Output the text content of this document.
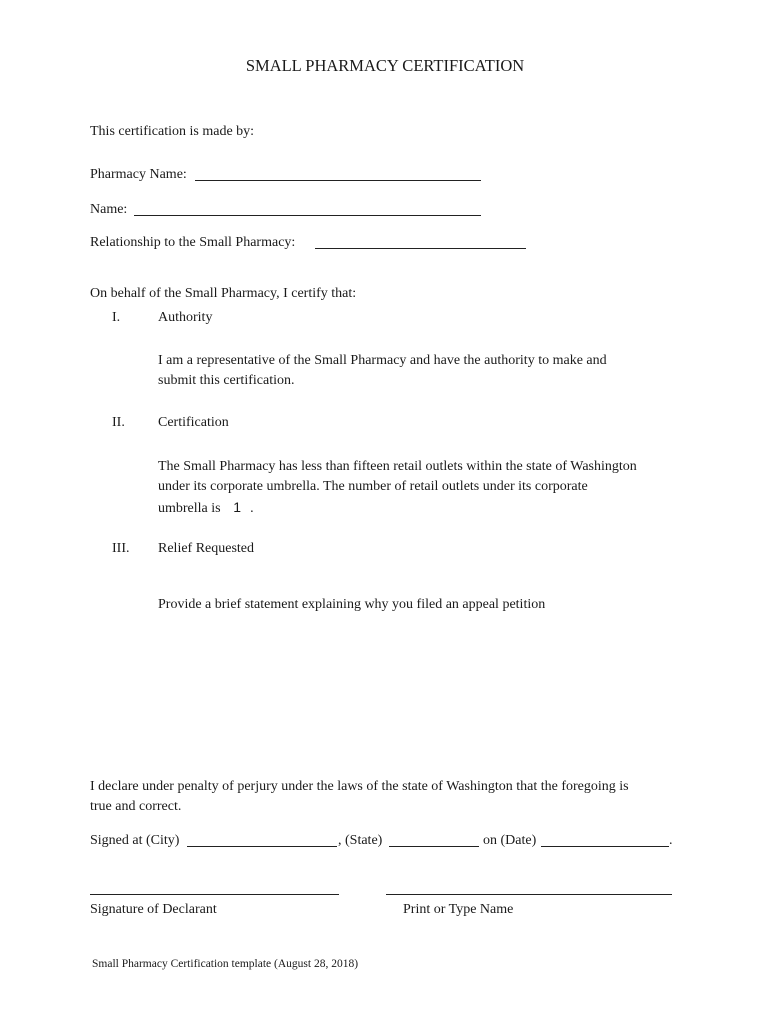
SMALL PHARMACY CERTIFICATION
This certification is made by:
Pharmacy Name:
Name:
Relationship to the Small Pharmacy:
On behalf of the Small Pharmacy, I certify that:
I.	Authority
I am a representative of the Small Pharmacy and have the authority to make and
submit this certification.
II. Certification
The Small Pharmacy has less than fifteen retail outlets within the state of Washington
under its corporate umbrella. The number of retail outlets under its corporate
umbrella is 1 .
III. Relief Requested
Provide a brief statement explaining why you filed an appeal petition
I declare under penalty of perjury under the laws of the state of Washington that the foregoing is
true and correct.
Signed at (City)	, (State)	on (Date)	.
Signature of Declarant	Print or Type Name
Small Pharmacy Certification template (August 28, 2018)
